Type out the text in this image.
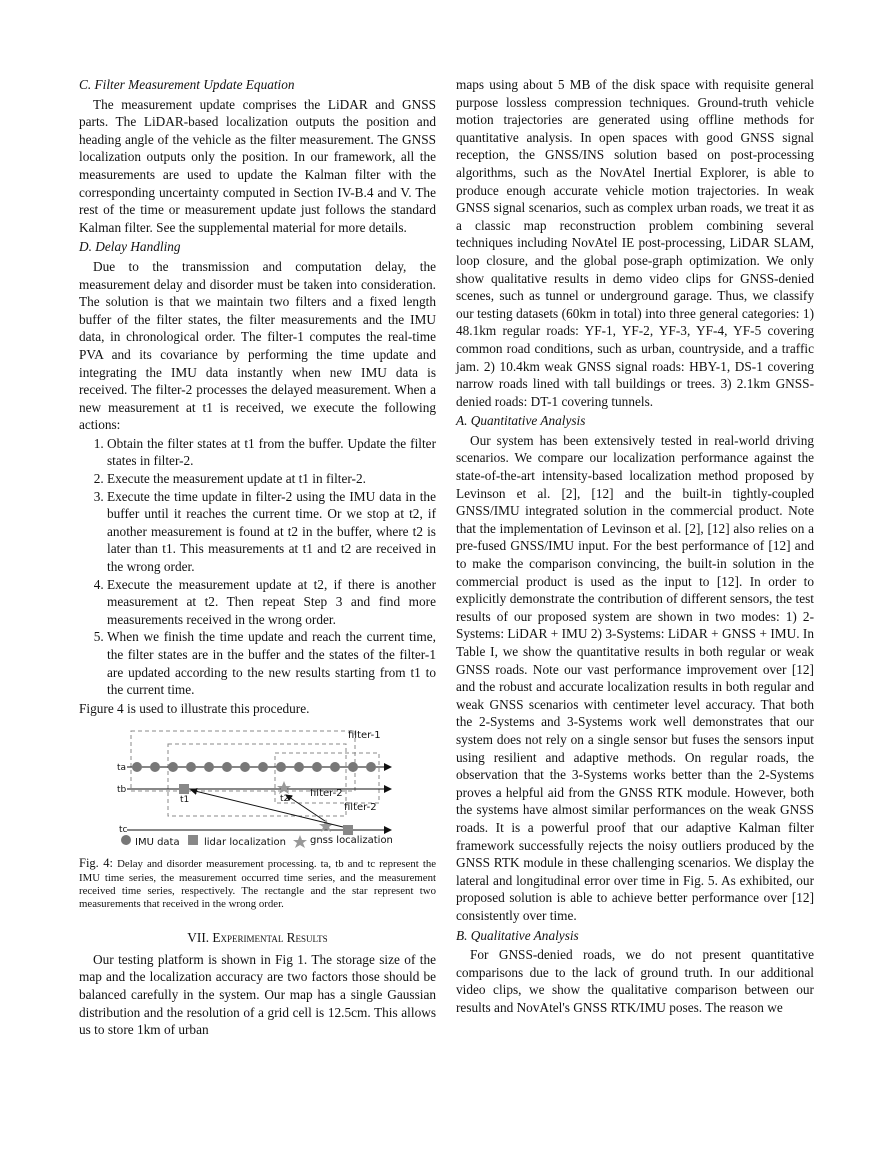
C. Filter Measurement Update Equation

The measurement update comprises the LiDAR and GNSS parts. The LiDAR-based localization outputs the position and heading angle of the vehicle as the filter measurement. The GNSS localization outputs only the position. In our framework, all the measurements are used to update the Kalman filter with the corresponding uncertainty computed in Section IV-B.4 and V. The rest of the time or measurement update just follows the standard Kalman filter. See the supplemental material for more details.

D. Delay Handling

Due to the transmission and computation delay, the measurement delay and disorder must be taken into consideration. The solution is that we maintain two filters and a fixed length buffer of the filter states, the filter measurements and the IMU data, in chronological order. The filter-1 computes the real-time PVA and its covariance by performing the time update and integrating the IMU data instantly when new IMU data is received. The filter-2 processes the delayed measurement. When a new measurement at t1 is received, we execute the following actions:

1. Obtain the filter states at t1 from the buffer. Update the filter states in filter-2.
2. Execute the measurement update at t1 in filter-2.
3. Execute the time update in filter-2 using the IMU data in the buffer until it reaches the current time. Or we stop at t2, if another measurement is found at t2 in the buffer, where t2 is later than t1. This measurements at t1 and t2 are received in the wrong order.
4. Execute the measurement update at t2, if there is another measurement at t2. Then repeat Step 3 and find more measurements received in the wrong order.
5. When we finish the time update and reach the current time, the filter states are in the buffer and the states of the filter-1 are updated according to the new results starting from t1 to the current time.

Figure 4 is used to illustrate this procedure.

filter-1
filter-2
filter-2
ta
tb
tc
t1	t2
IMU data lidar localization gnss localization
Fig. 4: Delay and disorder measurement processing. ta, tb and tc represent the IMU time series, the measurement occurred time series, and the measurement received time series, respectively. The rectangle and the star represent two measurements that received in the wrong order.
VII. Experimental Results

Our testing platform is shown in Fig 1. The storage size of the map and the localization accuracy are two factors those should be balanced carefully in the system. Our map has a single Gaussian distribution and the resolution of a grid cell is 12.5cm. This allows us to store 1km of urban

maps using about 5 MB of the disk space with requisite general purpose lossless compression techniques. Ground-truth vehicle motion trajectories are generated using offline methods for quantitative analysis. In open spaces with good GNSS signal reception, the GNSS/INS solution based on post-processing algorithms, such as the NovAtel Inertial Explorer, is able to produce enough accurate vehicle motion trajectories. In weak GNSS signal scenarios, such as complex urban roads, we treat it as a classic map reconstruction problem combining several techniques including NovAtel IE post-processing, LiDAR SLAM, loop closure, and the global pose-graph optimization. We only show qualitative results in demo video clips for GNSS-denied scenes, such as tunnel or underground garage. Thus, we classify our testing datasets (60km in total) into three general categories: 1) 48.1km regular roads: YF-1, YF-2, YF-3, YF-4, YF-5 covering common road conditions, such as urban, countryside, and a traffic jam. 2) 10.4km weak GNSS signal roads: HBY-1, DS-1 covering narrow roads lined with tall buildings or trees. 3) 2.1km GNSS-denied roads: DT-1 covering tunnels.

A. Quantitative Analysis

Our system has been extensively tested in real-world driving scenarios. We compare our localization performance against the state-of-the-art intensity-based localization method proposed by Levinson et al. [2], [12] and the built-in tightly-coupled GNSS/IMU integrated solution in the commercial product. Note that the implementation of Levinson et al. [2], [12] also relies on a pre-fused GNSS/IMU input. For the best performance of [12] and to make the comparison convincing, the built-in solution in the commercial product is used as the input to [12]. In order to explicitly demonstrate the contribution of different sensors, the test results of our proposed system are shown in two modes: 1) 2-Systems: LiDAR + IMU 2) 3-Systems: LiDAR + GNSS + IMU. In Table I, we show the quantitative results in both regular or weak GNSS roads. Note our vast performance improvement over [12] and the robust and accurate localization results in both regular and weak GNSS scenarios with centimeter level accuracy. That both the 2-Systems and 3-Systems work well demonstrates that our system does not rely on a single sensor but fuses the sensors input using resilient and adaptive methods. On regular roads, the observation that the 3-Systems works better than the 2-Systems proves a helpful aid from the GNSS RTK module. However, both the systems have almost similar performances on the weak GNSS roads. It is a powerful proof that our adaptive Kalman filter framework successfully rejects the noisy outliers produced by the GNSS RTK module in these challenging scenarios. We display the lateral and longitudinal error over time in Fig. 5. As exhibited, our proposed solution is able to achieve better performance over [12] consistently over time.

B. Qualitative Analysis

For GNSS-denied roads, we do not present quantitative comparisons due to the lack of ground truth. In our additional video clips, we show the qualitative comparison between our results and NovAtel's GNSS RTK/IMU poses. The reason we
